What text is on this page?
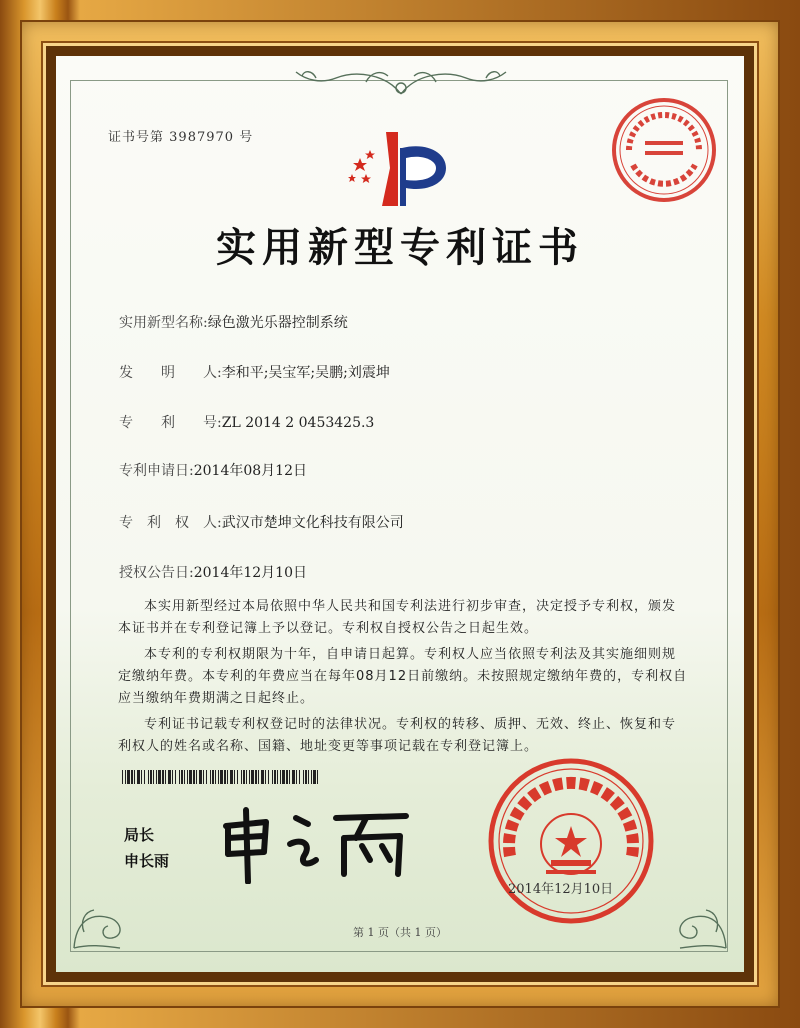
证书号第 3987970 号
实用新型专利证书
实用新型名称:绿色激光乐器控制系统
发　　明　　人:李和平;吴宝军;吴鹏;刘震坤
专　　利　　号:ZL 2014 2 0453425.3
专利申请日:2014年08月12日
专　利　权　人:武汉市楚坤文化科技有限公司
授权公告日:2014年12月10日

本实用新型经过本局依照中华人民共和国专利法进行初步审查，决定授予专利权，颁发本证书并在专利登记簿上予以登记。专利权自授权公告之日起生效。

本专利的专利权期限为十年，自申请日起算。专利权人应当依照专利法及其实施细则规定缴纳年费。本专利的年费应当在每年08月12日前缴纳。未按照规定缴纳年费的，专利权自应当缴纳年费期满之日起终止。

专利证书记载专利权登记时的法律状况。专利权的转移、质押、无效、终止、恢复和专利权人的姓名或名称、国籍、地址变更等事项记载在专利登记簿上。

局长
申长雨
2014年12月10日
第 1 页（共 1 页）
